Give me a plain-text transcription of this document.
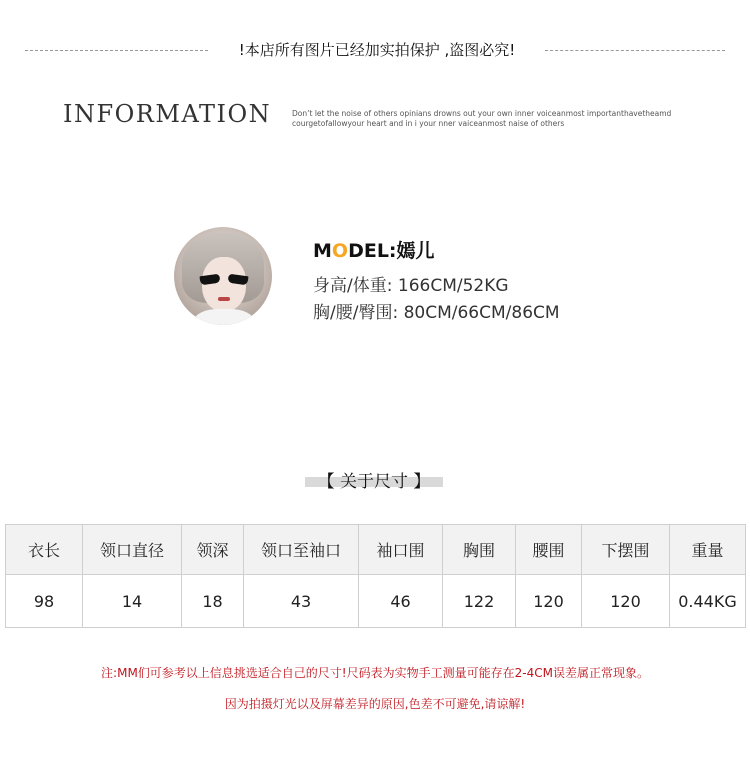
!本店所有图片已经加实拍保护 ,盗图必究!
INFORMATION	Don’t let the noise of others opinians drowns out your own inner voiceanmost importanthavetheamd courgetofallowyour heart and in i your nner vaiceanmost naise of others
MODEL:嫣儿
身高/体重: 166CM/52KG
胸/腰/臀围: 80CM/66CM/86CM
【 关于尺寸 】
衣长	领口直径	领深	领口至袖口	袖口围	胸围	腰围	下摆围	重量
98	14	18	43	46	122	120	120	0.44KG
注:MM们可参考以上信息挑选适合自己的尺寸!尺码表为实物手工测量可能存在2-4CM误差属正常现象。
因为拍摄灯光以及屏幕差异的原因,色差不可避免,请谅解!
